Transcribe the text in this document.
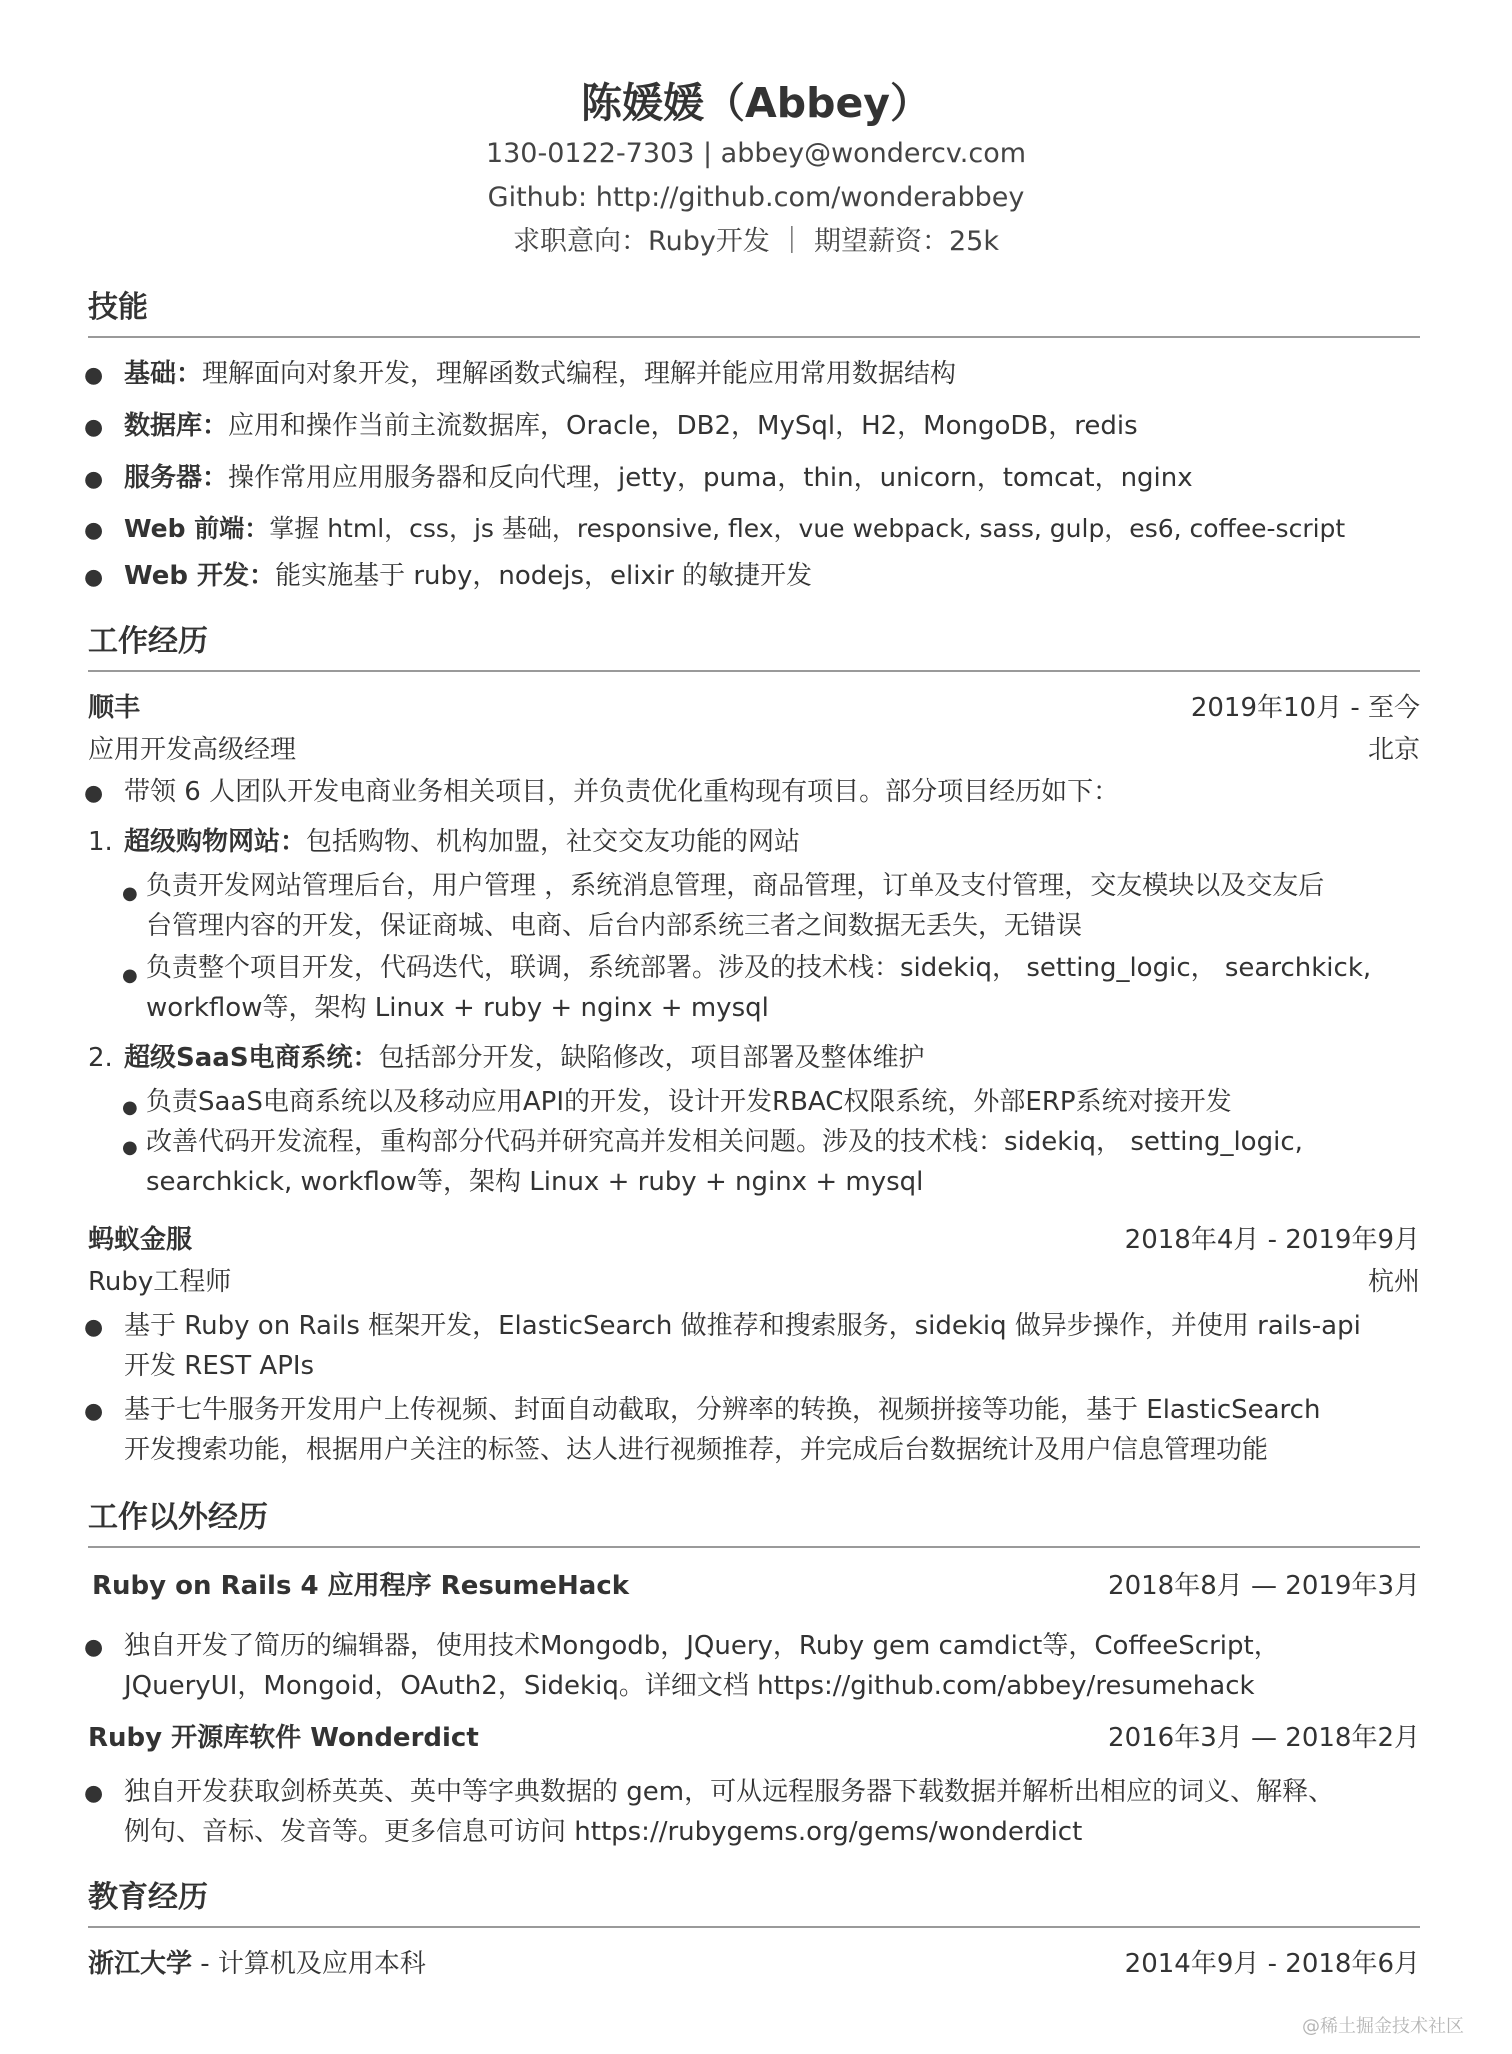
陈媛媛（Abbey）
130-0122-7303 | abbey@wondercv.com
Github: http://github.com/wonderabbey
求职意向：Ruby开发 ｜ 期望薪资：25k
技能
● 基础：理解面向对象开发，理解函数式编程，理解并能应用常用数据结构
● 数据库：应用和操作当前主流数据库，Oracle，DB2，MySql，H2，MongoDB，redis
● 服务器：操作常用应用服务器和反向代理，jetty，puma，thin，unicorn，tomcat，nginx
● Web 前端：掌握 html，css，js 基础，responsive, flex，vue webpack, sass, gulp，es6, coffee-script
● Web 开发：能实施基于 ruby，nodejs，elixir 的敏捷开发
工作经历
顺丰	2019年10月 - 至今
应用开发高级经理	北京
● 带领 6 人团队开发电商业务相关项目，并负责优化重构现有项目。部分项目经历如下：
1. 超级购物网站：包括购物、机构加盟，社交交友功能的网站
● 负责开发网站管理后台，用户管理 ，系统消息管理，商品管理，订单及支付管理，交友模块以及交友后
台管理内容的开发，保证商城、电商、后台内部系统三者之间数据无丢失，无错误
● 负责整个项目开发，代码迭代，联调，系统部署。涉及的技术栈：sidekiq， setting_logic， searchkick,
workflow等，架构 Linux + ruby + nginx + mysql
2. 超级SaaS电商系统：包括部分开发，缺陷修改，项目部署及整体维护
● 负责SaaS电商系统以及移动应用API的开发，设计开发RBAC权限系统，外部ERP系统对接开发
● 改善代码开发流程，重构部分代码并研究高并发相关问题。涉及的技术栈：sidekiq， setting_logic,
searchkick, workflow等，架构 Linux + ruby + nginx + mysql
蚂蚁金服	2018年4月 - 2019年9月
Ruby工程师	杭州
● 基于 Ruby on Rails 框架开发，ElasticSearch 做推荐和搜索服务，sidekiq 做异步操作，并使用 rails-api
开发 REST APIs
● 基于七牛服务开发用户上传视频、封面自动截取，分辨率的转换，视频拼接等功能，基于 ElasticSearch
开发搜索功能，根据用户关注的标签、达人进行视频推荐，并完成后台数据统计及用户信息管理功能
工作以外经历
Ruby on Rails 4 应用程序 ResumeHack	2018年8月 — 2019年3月
● 独自开发了简历的编辑器，使用技术Mongodb，JQuery，Ruby gem camdict等，CoffeeScript，
JQueryUI，Mongoid，OAuth2，Sidekiq。详细文档 https://github.com/abbey/resumehack
Ruby 开源库软件 Wonderdict	2016年3月 — 2018年2月
● 独自开发获取剑桥英英、英中等字典数据的 gem，可从远程服务器下载数据并解析出相应的词义、解释、
例句、音标、发音等。更多信息可访问 https://rubygems.org/gems/wonderdict
教育经历
浙江大学 - 计算机及应用本科	2014年9月 - 2018年6月
@稀土掘金技术社区
